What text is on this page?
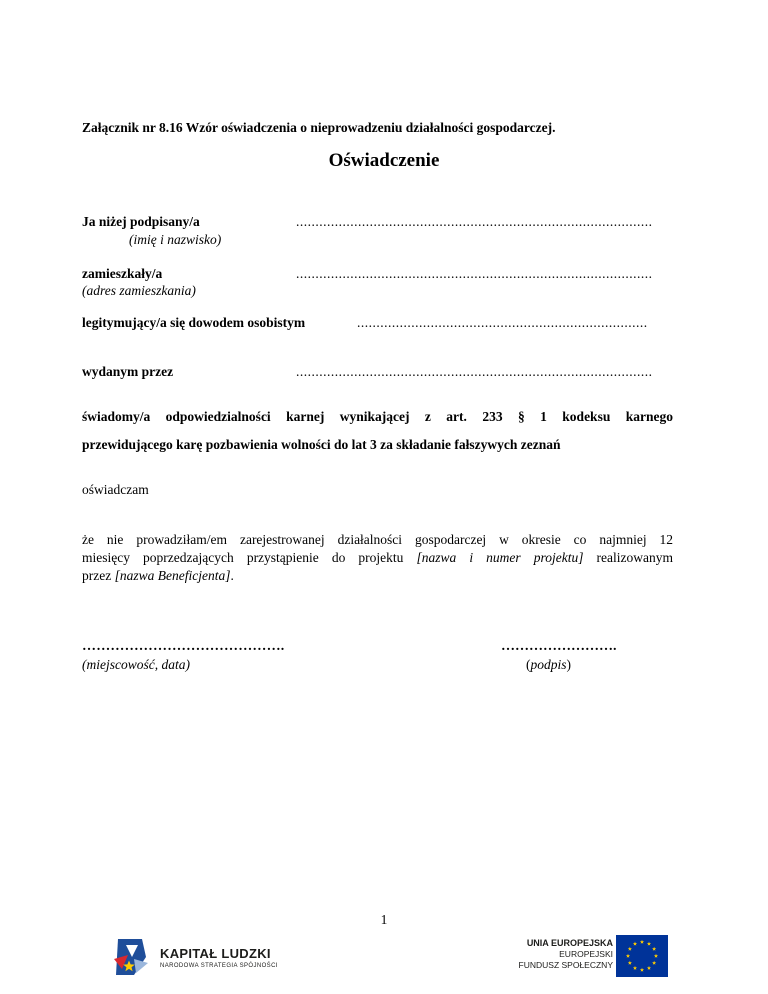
Załącznik nr 8.16 Wzór oświadczenia o nieprowadzeniu działalności gospodarczej.
Oświadczenie
Ja niżej podpisany/a
(imię i nazwisko)
............................................................................................
zamieszkały/a
(adres zamieszkania)
............................................................................................
legitymujący/a się dowodem osobistym	...........................................................................
wydanym przez	............................................................................................
świadomy/a odpowiedzialności karnej wynikającej z art. 233 § 1 kodeksu karnego
przewidującego karę pozbawienia wolności do lat 3 za składanie fałszywych zeznań
oświadczam
że nie prowadziłam/em zarejestrowanej działalności gospodarczej w okresie co najmniej 12
miesięcy poprzedzających przystąpienie do projektu [nazwa i numer projektu] realizowanym
przez [nazwa Beneficjenta].
…………………………………….
(miejscowość, data)
…………………….
(podpis)
1
KAPITAŁ LUDZKI
NARODOWA STRATEGIA SPÓJNOŚCI
UNIA EUROPEJSKA
EUROPEJSKI
FUNDUSZ SPOŁECZNY
